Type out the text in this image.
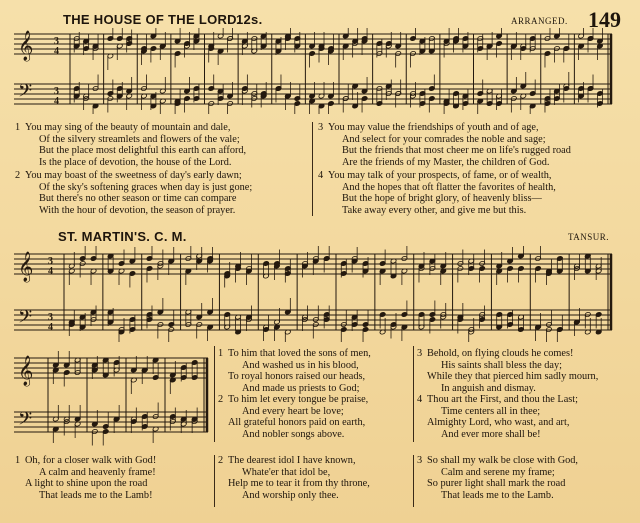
THE HOUSE OF THE LORD.
12s.	ARRANGED. 149
𝄞
𝄢
3
4
3
4
1 You may sing of the beauty of mountain and dale,
Of the silvery streamlets and flowers of the vale;
But the place most delightful this earth can afford,
Is the place of devotion, the house of the Lord.
2 You may boast of the sweetness of day's early dawn;
Of the sky's softening graces when day is just gone;
But there's no other season or time can compare
With the hour of devotion, the season of prayer.
3 You may value the friendships of youth and of age,
And select for your comrades the noble and sage;
But the friends that most cheer me on life's rugged road
Are the friends of my Master, the children of God.
4 You may talk of your prospects, of fame, or of wealth,
And the hopes that oft flatter the favorites of health,
But the hope of bright glory, of heavenly bliss—
Take away every other, and give me but this.
ST. MARTIN'S. C. M.	TANSUR.
𝄞
𝄢
3
4
3
4
𝄞
𝄢
1 To him that loved the sons of men,
And washed us in his blood,
To royal honors raised our heads,
And made us priests to God;
2 To him let every tongue be praise,
And every heart be love;
All grateful honors paid on earth,
And nobler songs above.
3 Behold, on flying clouds he comes!
His saints shall bless the day;
While they that pierced him sadly mourn,
In anguish and dismay.
4 Thou art the First, and thou the Last;
Time centers all in thee;
Almighty Lord, who wast, and art,
And ever more shall be!
1 Oh, for a closer walk with God!
A calm and heavenly frame!
A light to shine upon the road
That leads me to the Lamb!
2 The dearest idol I have known,
Whate'er that idol be,
Help me to tear it from thy throne,
And worship only thee.
3 So shall my walk be close with God,
Calm and serene my frame;
So purer light shall mark the road
That leads me to the Lamb.
